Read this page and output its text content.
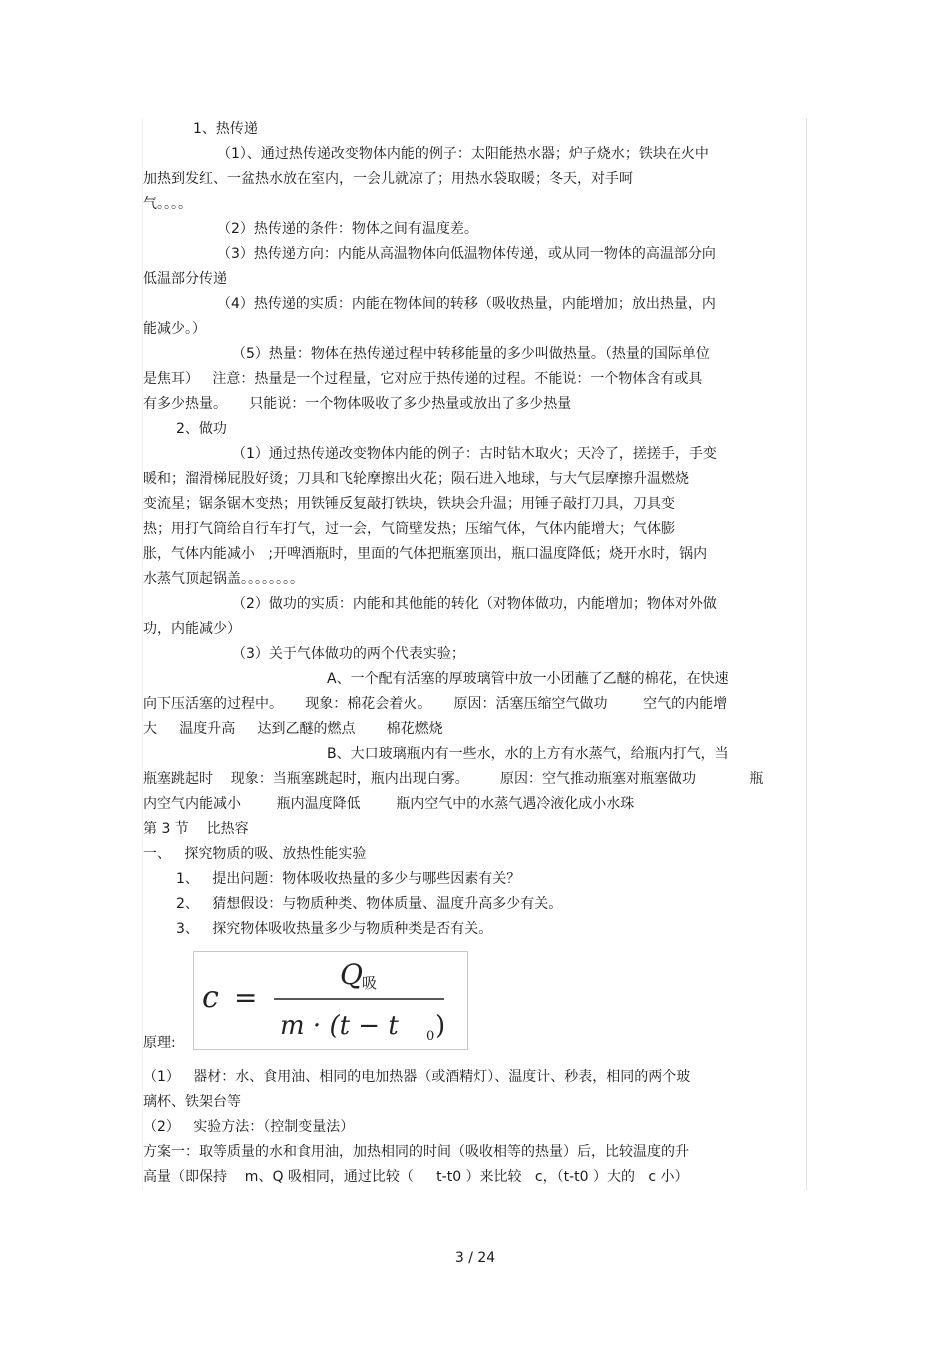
1、热传递
（1）、通过热传递改变物体内能的例子：太阳能热水器；炉子烧水；铁块在火中
加热到发红、一盆热水放在室内，一会儿就凉了；用热水袋取暖；冬天，对手呵
气。。。。
（2）热传递的条件：物体之间有温度差。
（3）热传递方向：内能从高温物体向低温物体传递，或从同一物体的高温部分向
低温部分传递
（4）热传递的实质：内能在物体间的转移（吸收热量，内能增加；放出热量，内
能减少。）
（5）热量：物体在热传递过程中转移能量的多少叫做热量。（热量的国际单位
是焦耳）   注意：热量是一个过程量，它对应于热传递的过程。不能说：一个物体含有或具
有多少热量。     只能说：一个物体吸收了多少热量或放出了多少热量
2、做功
（1）通过热传递改变物体内能的例子：古时钻木取火；天冷了，搓搓手，手变
暖和；溜滑梯屁股好烫；刀具和飞轮摩擦出火花；陨石进入地球，与大气层摩擦升温燃烧
变流星；锯条锯木变热；用铁锤反复敲打铁块，铁块会升温；用锤子敲打刀具，刀具变
热；用打气筒给自行车打气，过一会，气筒壁发热；压缩气体，气体内能增大；气体膨
胀，气体内能减小   ;开啤酒瓶时，里面的气体把瓶塞顶出，瓶口温度降低；烧开水时，锅内
水蒸气顶起锅盖。。。。。。。。
（2）做功的实质：内能和其他能的转化（对物体做功，内能增加；物体对外做
功，内能减少）
（3）关于气体做功的两个代表实验；
A、一个配有活塞的厚玻璃管中放一小团蘸了乙醚的棉花，在快速
向下压活塞的过程中。     现象：棉花会着火。     原因：活塞压缩空气做功        空气的内能增
大     温度升高     达到乙醚的燃点       棉花燃烧
B、大口玻璃瓶内有一些水，水的上方有水蒸气，给瓶内打气，当
瓶塞跳起时    现象：当瓶塞跳起时，瓶内出现白雾。       原因：空气推动瓶塞对瓶塞做功            瓶
内空气内能减小        瓶内温度降低        瓶内空气中的水蒸气遇冷液化成小水珠
第 3 节    比热容
一、   探究物质的吸、放热性能实验
1、   提出问题：物体吸收热量的多少与哪些因素有关？
2、   猜想假设：与物质种类、物体质量、温度升高多少有关。
3、   探究物体吸收热量多少与物质种类是否有关。
c =
Q 吸
m · (t − t 0 )
原理:
（1）   器材：水、食用油、相同的电加热器（或酒精灯）、温度计、秒表，相同的两个玻
璃杯、铁架台等
（2）   实验方法：（控制变量法）
方案一：取等质量的水和食用油，加热相同的时间（吸收相等的热量）后，比较温度的升
高量（即保持    m、Q 吸相同，通过比较（     t-t0 ）来比较   c，（t-t0 ）大的   c 小）
3 / 24
